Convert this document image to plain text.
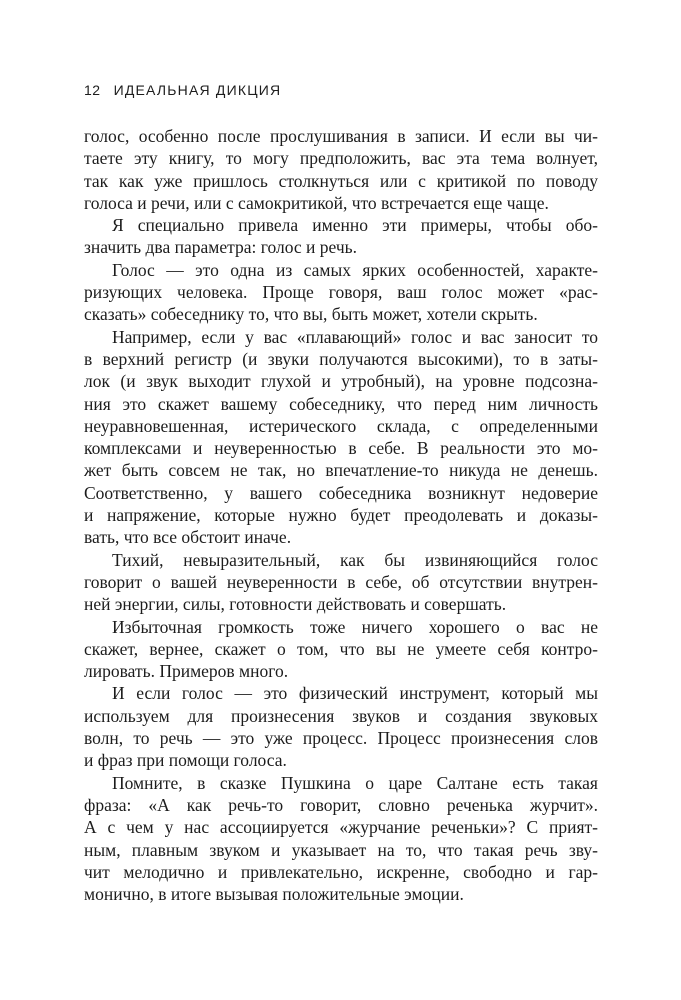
12 ИДЕАЛЬНАЯ ДИКЦИЯ
голос, особенно после прослушивания в записи. И если вы чи-
таете эту книгу, то могу предположить, вас эта тема волнует,
так как уже пришлось столкнуться или с критикой по поводу
голоса и речи, или с самокритикой, что встречается еще чаще.
Я специально привела именно эти примеры, чтобы обо-
значить два параметра: голос и речь.
Голос — это одна из самых ярких особенностей, характе-
ризующих человека. Проще говоря, ваш голос может «рас-
сказать» собеседнику то, что вы, быть может, хотели скрыть.
Например, если у вас «плавающий» голос и вас заносит то
в верхний регистр (и звуки получаются высокими), то в заты-
лок (и звук выходит глухой и утробный), на уровне подсозна-
ния это скажет вашему собеседнику, что перед ним личность
неуравновешенная, истерического склада, с определенными
комплексами и неуверенностью в себе. В реальности это мо-
жет быть совсем не так, но впечатление-то никуда не денешь.
Соответственно, у вашего собеседника возникнут недоверие
и напряжение, которые нужно будет преодолевать и доказы-
вать, что все обстоит иначе.
Тихий, невыразительный, как бы извиняющийся голос
говорит о вашей неуверенности в себе, об отсутствии внутрен-
ней энергии, силы, готовности действовать и совершать.
Избыточная громкость тоже ничего хорошего о вас не
скажет, вернее, скажет о том, что вы не умеете себя контро-
лировать. Примеров много.
И если голос — это физический инструмент, который мы
используем для произнесения звуков и создания звуковых
волн, то речь — это уже процесс. Процесс произнесения слов
и фраз при помощи голоса.
Помните, в сказке Пушкина о царе Салтане есть такая
фраза: «А как речь-то говорит, словно реченька журчит».
А с чем у нас ассоциируется «журчание реченьки»? С прият-
ным, плавным звуком и указывает на то, что такая речь зву-
чит мелодично и привлекательно, искренне, свободно и гар-
монично, в итоге вызывая положительные эмоции.
